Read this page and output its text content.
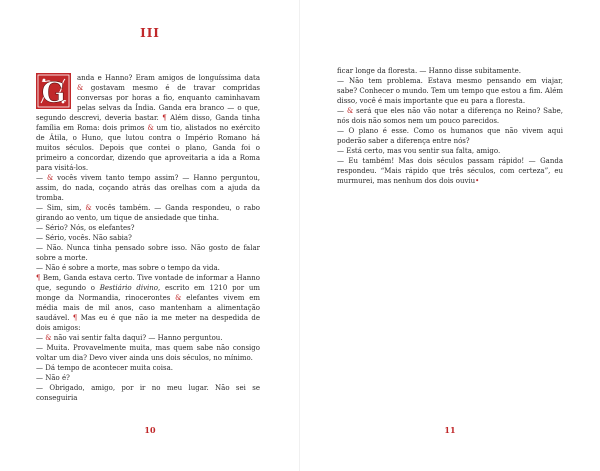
III

G anda e Hanno? Eram amigos de longuíssima data & gostavam mesmo é de travar compridas conversas por horas a fio, enquanto caminhavam pelas selvas da Índia. Ganda era branco — o que, segundo descrevi, deveria bastar. ¶ Além disso, Ganda tinha família em Roma: dois primos & um tio, alistados no exército de Átila, o Huno, que lutou contra o Império Romano há muitos séculos. Depois que contei o plano, Ganda foi o primeiro a concordar, dizendo que aproveitaria a ida a Roma para visitá-los.

— & vocês vivem tanto tempo assim? — Hanno perguntou, assim, do nada, coçando atrás das orelhas com a ajuda da tromba.

— Sim, sim, & vocês também. — Ganda respondeu, o rabo girando ao vento, um tique de ansiedade que tinha.

— Sério? Nós, os elefantes?

— Sério, vocês. Não sabia?

— Não. Nunca tinha pensado sobre isso. Não gosto de falar sobre a morte.

— Não é sobre a morte, mas sobre o tempo da vida.

¶ Bem, Ganda estava certo. Tive vontade de informar a Hanno que, segundo o Bestiário divino, escrito em 1210 por um monge da Normandia, rinocerontes & elefantes vivem em média mais de mil anos, caso mantenham a alimentação saudável. ¶ Mas eu é que não ia me meter na despedida de dois amigos:

— & não vai sentir falta daqui? — Hanno perguntou.

— Muita. Provavelmente muita, mas quem sabe não consigo voltar um dia? Devo viver ainda uns dois séculos, no mínimo.

— Dá tempo de acontecer muita coisa.

— Não é?

— Obrigado, amigo, por ir no meu lugar. Não sei se conseguiria

10

ficar longe da floresta. — Hanno disse subitamente.

— Não tem problema. Estava mesmo pensando em viajar, sabe? Conhecer o mundo. Tem um tempo que estou a fim. Além disso, você é mais importante que eu para a floresta.

— & será que eles não vão notar a diferença no Reino? Sabe, nós dois não somos nem um pouco parecidos.

— O plano é esse. Como os humanos que não vivem aqui poderão saber a diferença entre nós?

— Está certo, mas vou sentir sua falta, amigo.

— Eu também! Mas dois séculos passam rápido! — Ganda respondeu. “Mais rápido que três séculos, com certeza”, eu murmurei, mas nenhum dos dois ouviu•

11
